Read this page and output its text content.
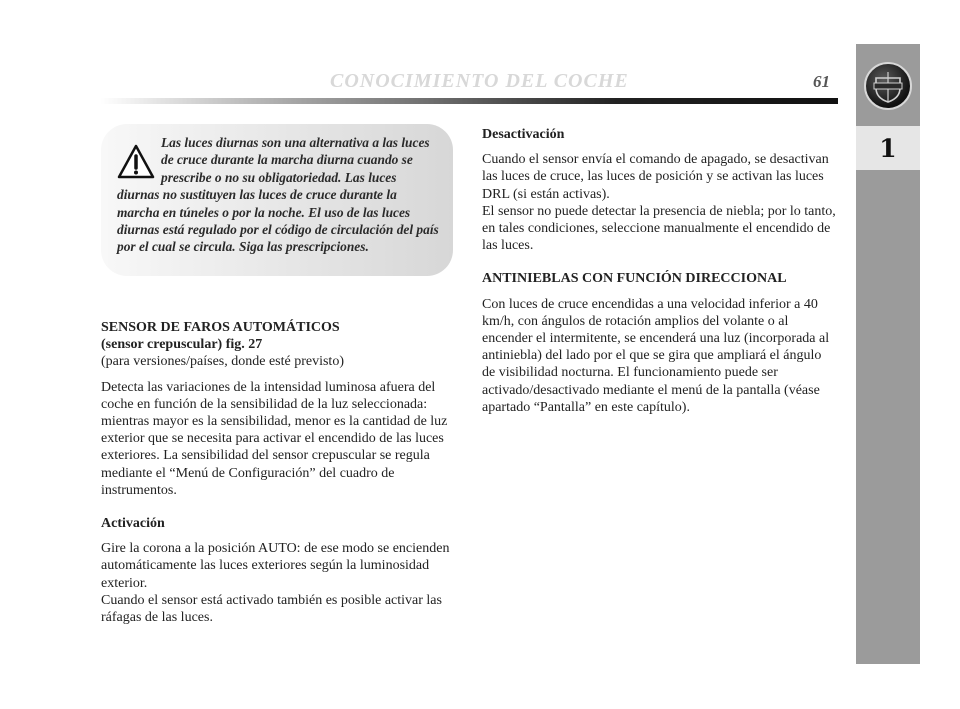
CONOCIMIENTO DEL COCHE	61
1

Las luces diurnas son una alternativa a las luces de cruce durante la marcha diurna cuando se prescribe o no su obligatoriedad. Las luces diurnas no sustituyen las luces de cruce durante la marcha en túneles o por la noche. El uso de las luces diurnas está regulado por el código de circulación del país por el cual se circula. Siga las prescripciones.

SENSOR DE FAROS AUTOMÁTICOS

(sensor crepuscular) fig. 27

(para versiones/países, donde esté previsto)

Detecta las variaciones de la intensidad luminosa afuera del coche en función de la sensibilidad de la luz seleccionada: mientras mayor es la sensibilidad, menor es la cantidad de luz exterior que se necesita para activar el encendido de las luces exteriores. La sensibilidad del sensor crepuscular se regula mediante el “Menú de Configuración” del cuadro de instrumentos.

Activación

Gire la corona a la posición AUTO: de ese modo se encienden automáticamente las luces exteriores según la luminosidad exterior.

Cuando el sensor está activado también es posible activar las ráfagas de las luces.

Desactivación

Cuando el sensor envía el comando de apagado, se desactivan las luces de cruce, las luces de posición y se activan las luces DRL (si están activas).

El sensor no puede detectar la presencia de niebla; por lo tanto, en tales condiciones, seleccione manualmente el encendido de las luces.

ANTINIEBLAS CON FUNCIÓN DIRECCIONAL

Con luces de cruce encendidas a una velocidad inferior a 40 km/h, con ángulos de rotación amplios del volante o al encender el intermitente, se encenderá una luz (incorporada al antiniebla) del lado por el que se gira que ampliará el ángulo de visibilidad nocturna. El funcionamiento puede ser activado/desactivado mediante el menú de la pantalla (véase apartado “Pantalla” en este capítulo).
